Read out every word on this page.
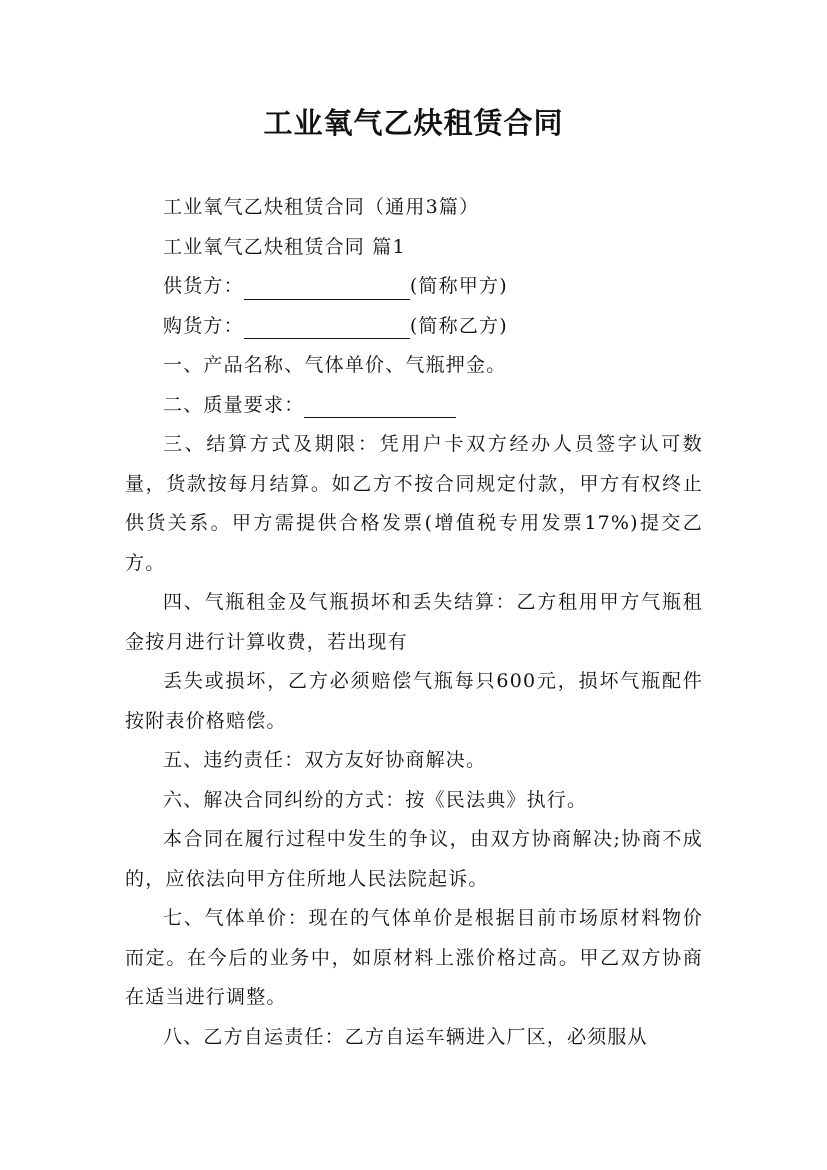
工业氧气乙炔租赁合同

工业氧气乙炔租赁合同（通用3篇）

工业氧气乙炔租赁合同 篇1

供货方：	(简称甲方)

购货方：	(简称乙方)

一、产品名称、气体单价、气瓶押金。

二、质量要求：

三、结算方式及期限：凭用户卡双方经办人员签字认可数量，货款按每月结算。如乙方不按合同规定付款，甲方有权终止供货关系。甲方需提供合格发票(增值税专用发票17%)提交乙方。

四、气瓶租金及气瓶损坏和丢失结算：乙方租用甲方气瓶租金按月进行计算收费，若出现有

丢失或损坏，乙方必须赔偿气瓶每只600元，损坏气瓶配件按附表价格赔偿。

五、违约责任：双方友好协商解决。

六、解决合同纠纷的方式：按《民法典》执行。

本合同在履行过程中发生的争议，由双方协商解决;协商不成的，应依法向甲方住所地人民法院起诉。

七、气体单价：现在的气体单价是根据目前市场原材料物价而定。在今后的业务中，如原材料上涨价格过高。甲乙双方协商在适当进行调整。

八、乙方自运责任：乙方自运车辆进入厂区，必须服从
